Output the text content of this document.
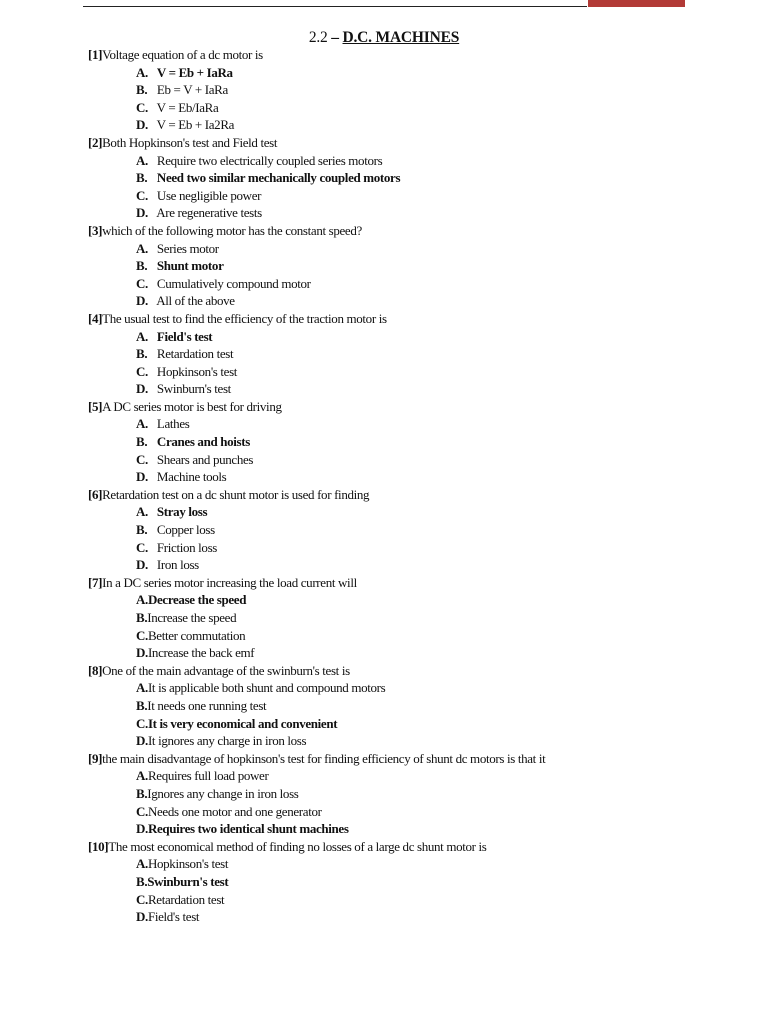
2.2 – D.C. MACHINES
[1]Voltage equation of a dc motor is
A. V = Eb + IaRa
B. Eb = V + IaRa
C. V = Eb/IaRa
D. V = Eb + Ia2Ra
[2]Both Hopkinson's test and Field test
A. Require two electrically coupled series motors
B. Need two similar mechanically coupled motors
C. Use negligible power
D. Are regenerative tests
[3]which of the following motor has the constant speed?
A. Series motor
B. Shunt motor
C. Cumulatively compound motor
D. All of the above
[4]The usual test to find the efficiency of the traction motor is
A. Field's test
B. Retardation test
C. Hopkinson's test
D. Swinburn's test
[5]A DC series motor is best for driving
A. Lathes
B. Cranes and hoists
C. Shears and punches
D. Machine tools
[6]Retardation test on a dc shunt motor is used for finding
A. Stray loss
B. Copper loss
C. Friction loss
D. Iron loss
[7]In a DC series motor increasing the load current will
A.Decrease the speed
B.Increase the speed
C.Better commutation
D.Increase the back emf
[8]One of the main advantage of the swinburn's test is
A.It is applicable both shunt and compound motors
B.It needs one running test
C.It is very economical and convenient
D.It ignores any charge in iron loss
[9]the main disadvantage of hopkinson's test for finding efficiency of shunt dc motors is that it
A.Requires full load power
B.Ignores any change in iron loss
C.Needs one motor and one generator
D.Requires two identical shunt machines
[10]The most economical method of finding no losses of a large dc shunt motor is
A.Hopkinson's test
B.Swinburn's test
C.Retardation test
D.Field's test
